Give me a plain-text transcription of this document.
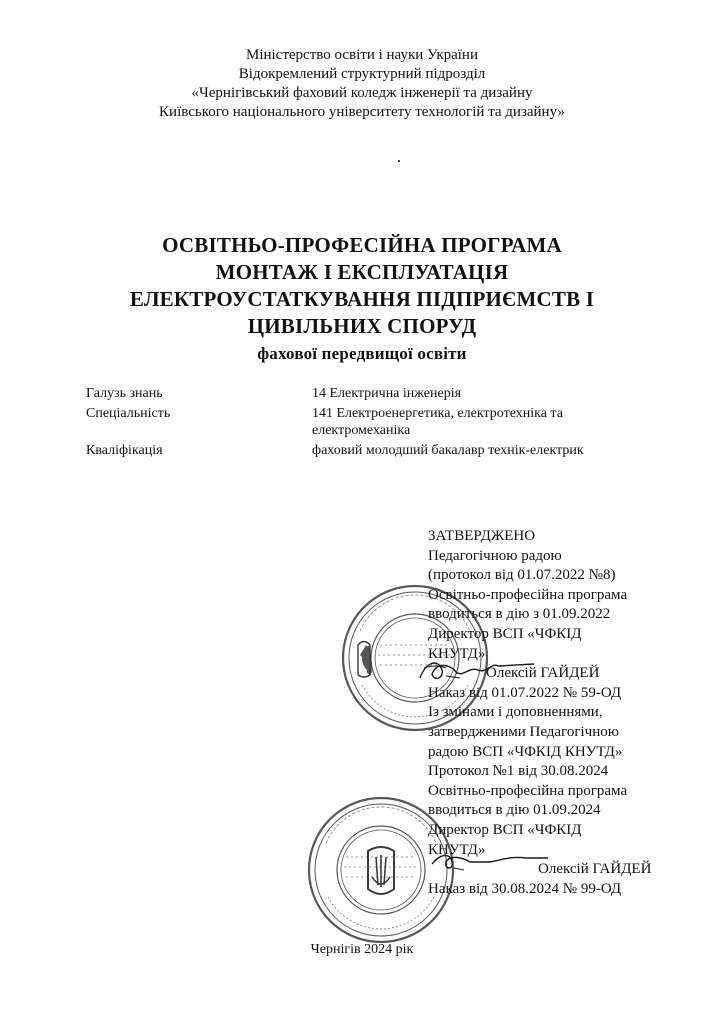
Міністерство освіти і науки України
Відокремлений структурний підрозділ
«Чернігівський фаховий коледж інженерії та дизайну
Київського національного університету технологій та дизайну»
ОСВІТНЬО-ПРОФЕСІЙНА ПРОГРАМА
МОНТАЖ І ЕКСПЛУАТАЦІЯ
ЕЛЕКТРОУСТАТКУВАННЯ ПІДПРИЄМСТВ І
ЦИВІЛЬНИХ СПОРУД
фахової передвищої освіти
Галузь знань	14 Електрична інженерія
Спеціальність	141 Електроенергетика, електротехніка та електромеханіка
Кваліфікація	фаховий молодший бакалавр технік-електрик
ЗАТВЕРДЖЕНО
Педагогічною радою
(протокол від 01.07.2022 №8)
Освітньо-професійна програма
вводиться в дію з 01.09.2022
Директор ВСП «ЧФКІД
КНУТД»
Олексій ГАЙДЕЙ
Наказ від 01.07.2022 № 59-ОД
Із змінами і доповненнями,
затвердженими Педагогічною
радою ВСП «ЧФКІД КНУТД»
Протокол №1 від 30.08.2024
Освітньо-професійна програма
вводиться в дію 01.09.2024
Директор ВСП «ЧФКІД
КНУТД»
Олексій ГАЙДЕЙ
Наказ від 30.08.2024 № 99-ОД
Чернігів 2024 рік
